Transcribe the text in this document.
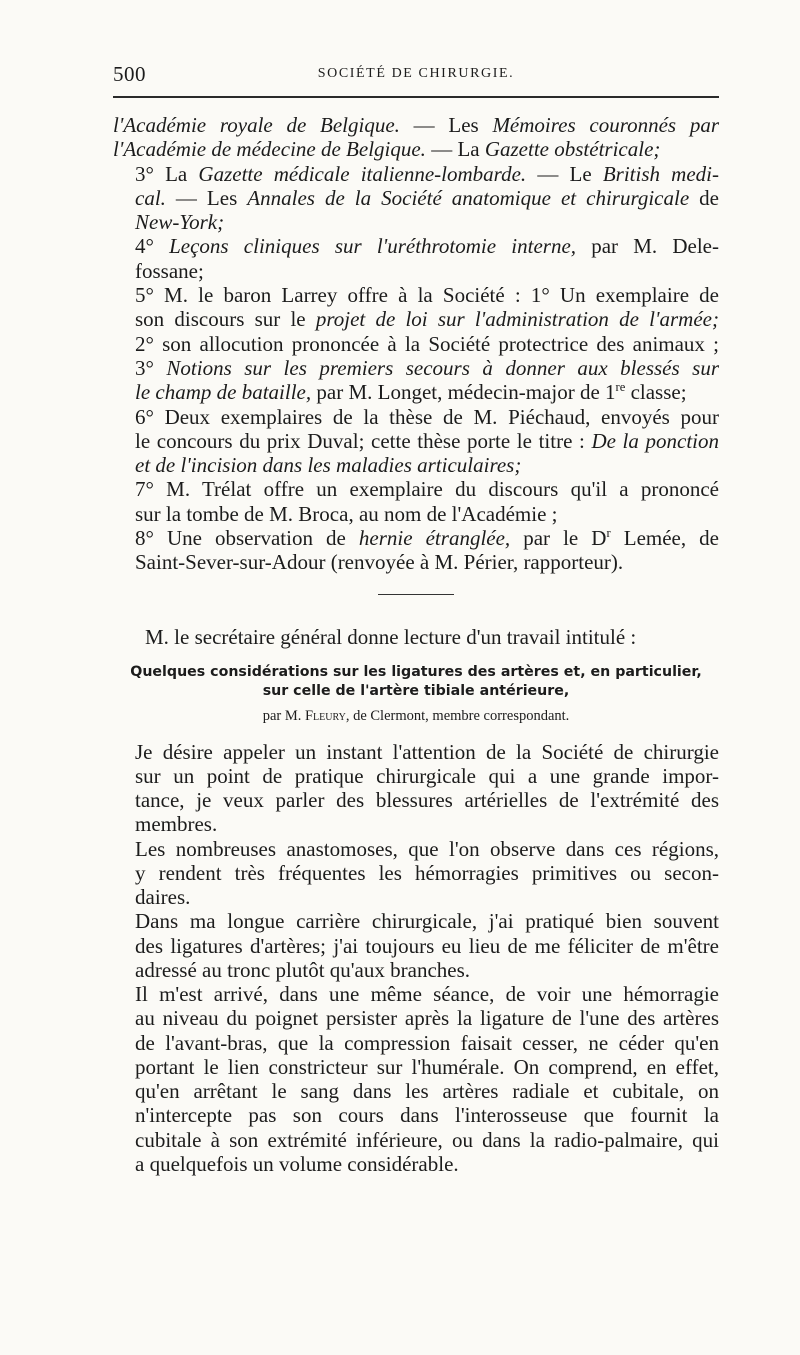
500	SOCIÉTÉ DE CHIRURGIE.

l'Académie royale de Belgique. — Les Mémoires couronnés par
l'Académie de médecine de Belgique. — La Gazette obstétricale;

3° La Gazette médicale italienne-lombarde. — Le British medi-
cal. — Les Annales de la Société anatomique et chirurgicale de
New-York;

4° Leçons cliniques sur l'uréthrotomie interne, par M. Dele-
fossane;

5° M. le baron Larrey offre à la Société : 1° Un exemplaire de
son discours sur le projet de loi sur l'administration de l'armée;
2° son allocution prononcée à la Société protectrice des animaux ;
3° Notions sur les premiers secours à donner aux blessés sur
le champ de bataille, par M. Longet, médecin-major de 1re classe;

6° Deux exemplaires de la thèse de M. Piéchaud, envoyés pour
le concours du prix Duval; cette thèse porte le titre : De la ponction
et de l'incision dans les maladies articulaires;

7° M. Trélat offre un exemplaire du discours qu'il a prononcé
sur la tombe de M. Broca, au nom de l'Académie ;

8° Une observation de hernie étranglée, par le $D^r$ Lemée, de
Saint-Sever-sur-Adour (renvoyée à M. Périer, rapporteur).

M. le secrétaire général donne lecture d'un travail intitulé :

Quelques considérations sur les ligatures des artères et, en particulier,
sur celle de l'artère tibiale antérieure,

par M. Fleury, de Clermont, membre correspondant.

Je désire appeler un instant l'attention de la Société de chirurgie
sur un point de pratique chirurgicale qui a une grande impor-
tance, je veux parler des blessures artérielles de l'extrémité des
membres.

Les nombreuses anastomoses, que l'on observe dans ces régions,
y rendent très fréquentes les hémorragies primitives ou secon-
daires.

Dans ma longue carrière chirurgicale, j'ai pratiqué bien souvent
des ligatures d'artères; j'ai toujours eu lieu de me féliciter de m'être
adressé au tronc plutôt qu'aux branches.

Il m'est arrivé, dans une même séance, de voir une hémorragie
au niveau du poignet persister après la ligature de l'une des artères
de l'avant-bras, que la compression faisait cesser, ne céder qu'en
portant le lien constricteur sur l'humérale. On comprend, en effet,
qu'en arrêtant le sang dans les artères radiale et cubitale, on
n'intercepte pas son cours dans l'interosseuse que fournit la
cubitale à son extrémité inférieure, ou dans la radio-palmaire, qui
a quelquefois un volume considérable.
